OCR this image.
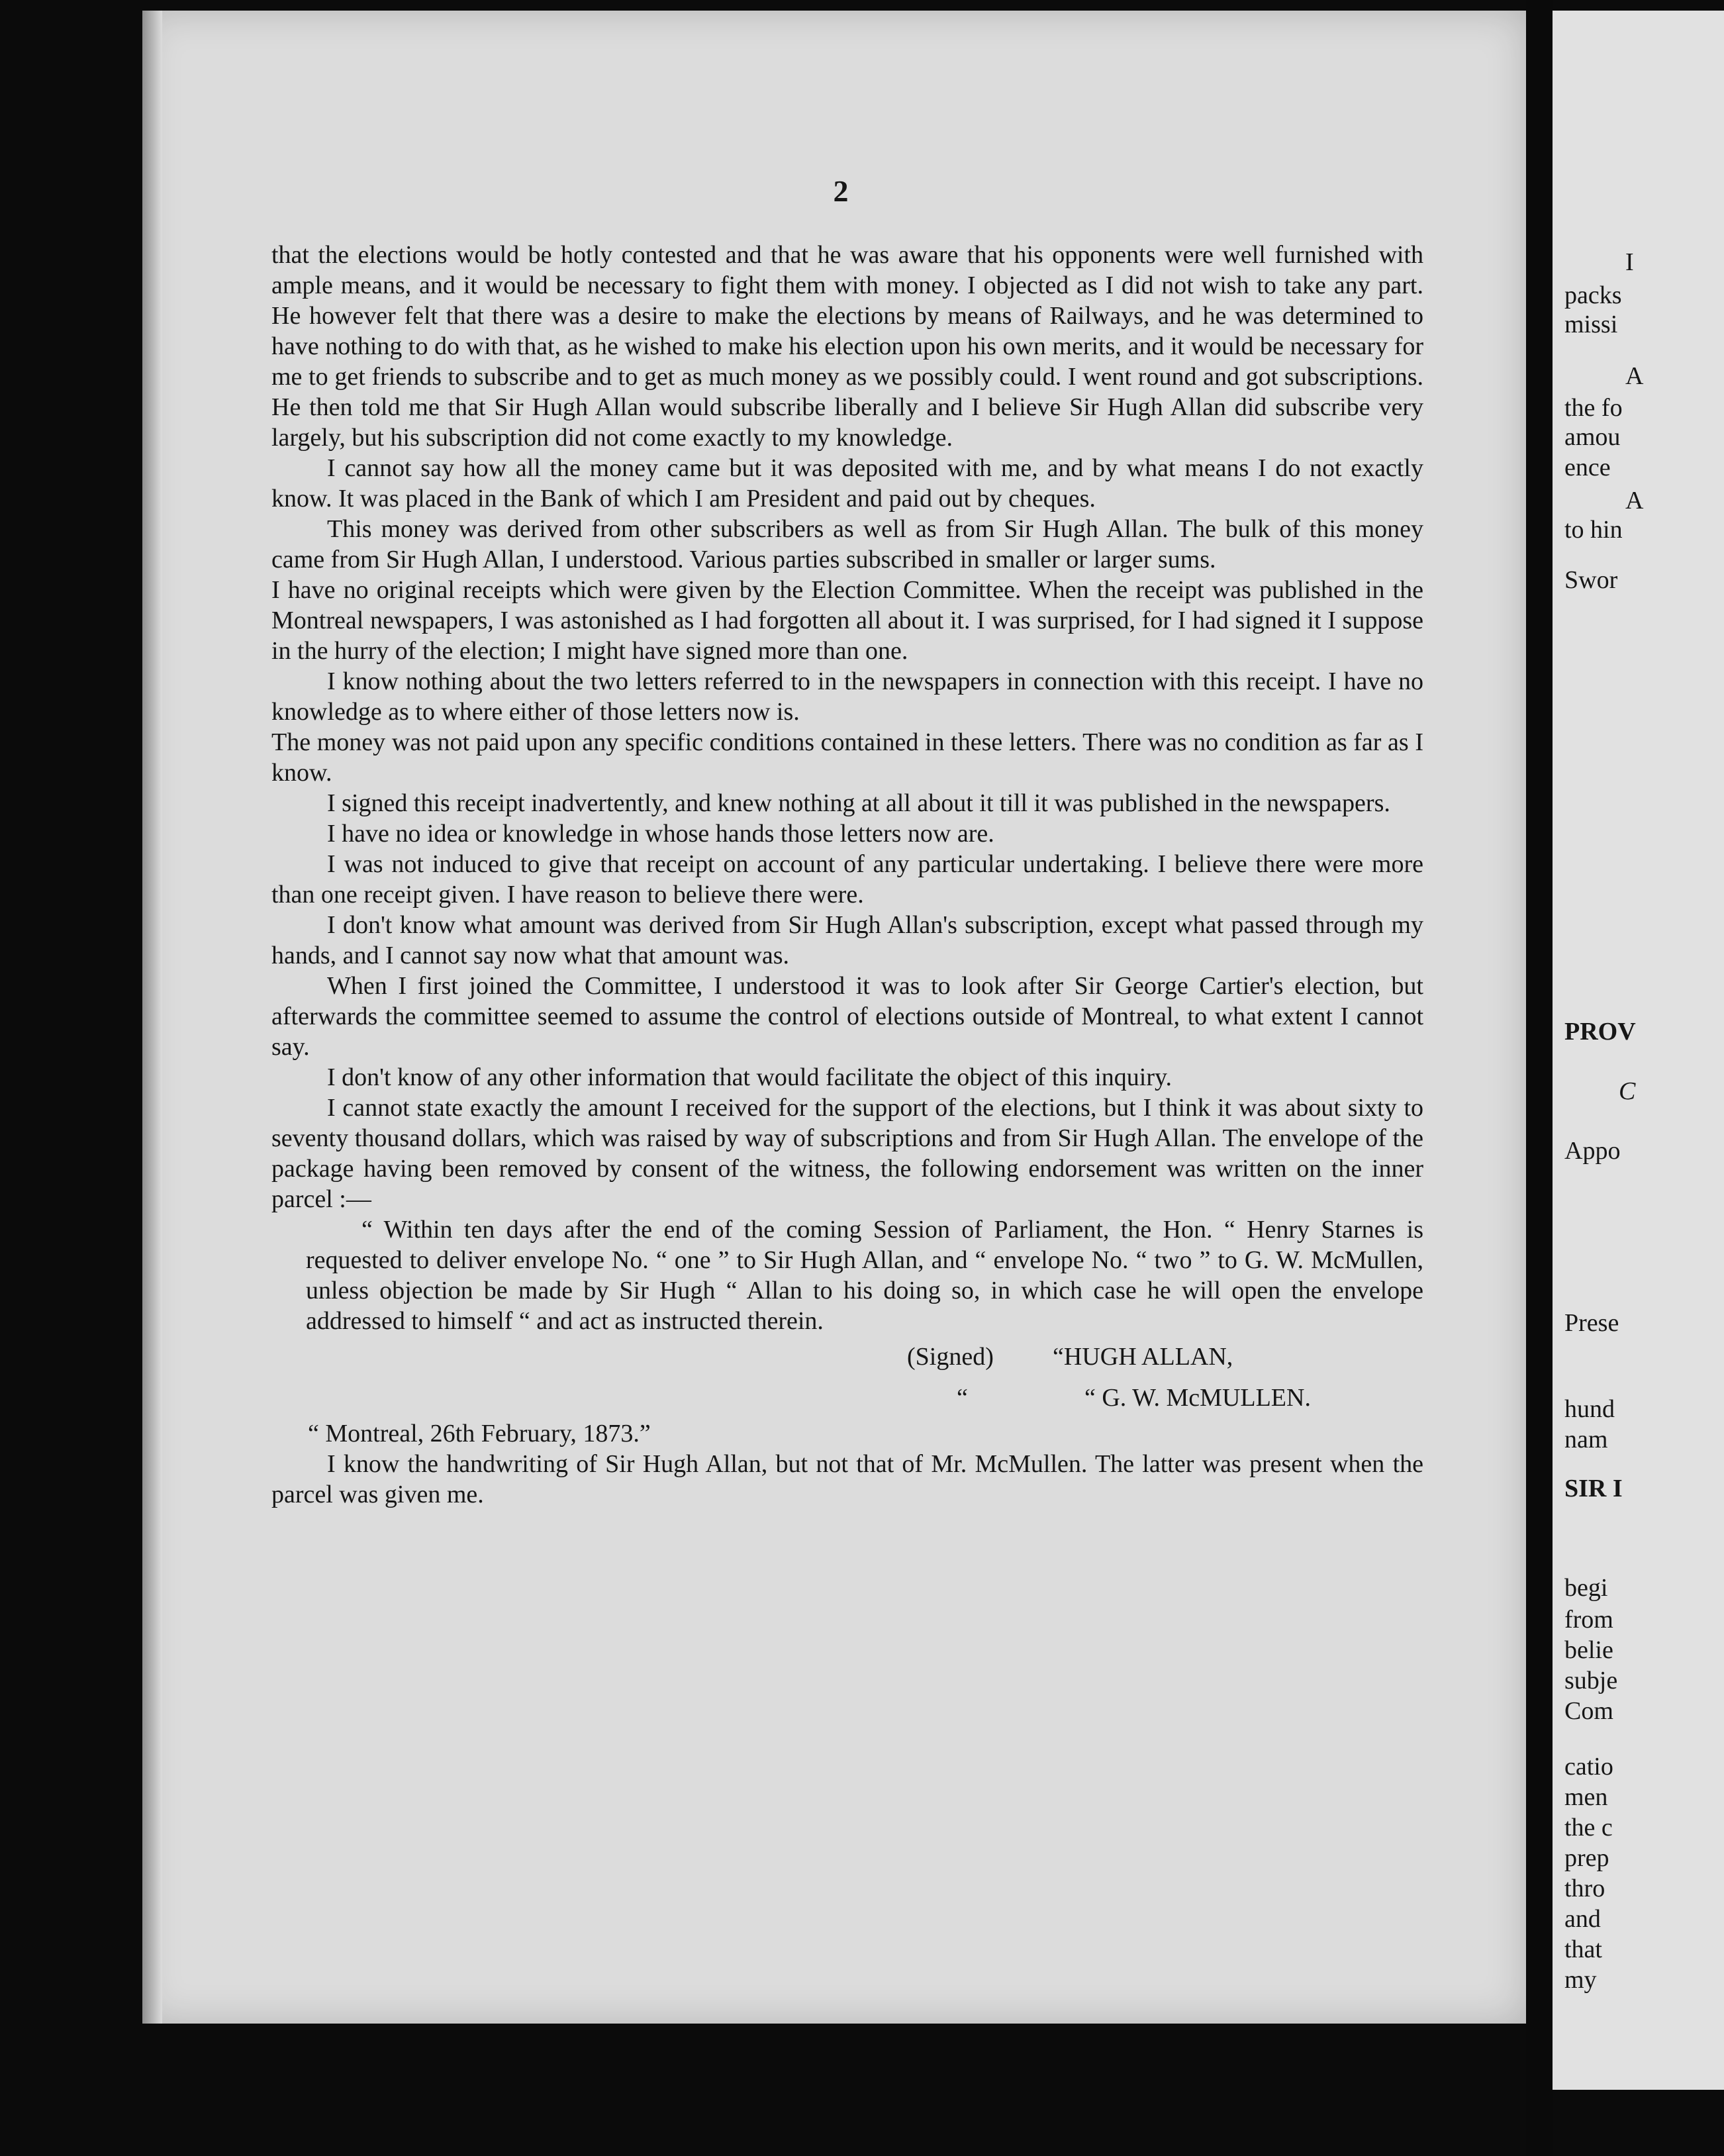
2

that the elections would be hotly contested and that he was aware that his opponents were well furnished with ample means, and it would be necessary to fight them with money. I objected as I did not wish to take any part. He however felt that there was a desire to make the elections by means of Railways, and he was determined to have nothing to do with that, as he wished to make his election upon his own merits, and it would be necessary for me to get friends to subscribe and to get as much money as we possibly could. I went round and got subscriptions. He then told me that Sir Hugh Allan would subscribe liberally and I believe Sir Hugh Allan did subscribe very largely, but his subscription did not come exactly to my knowledge.

I cannot say how all the money came but it was deposited with me, and by what means I do not exactly know. It was placed in the Bank of which I am President and paid out by cheques.

This money was derived from other subscribers as well as from Sir Hugh Allan. The bulk of this money came from Sir Hugh Allan, I understood. Various parties subscribed in smaller or larger sums.

I have no original receipts which were given by the Election Committee. When the receipt was published in the Montreal newspapers, I was astonished as I had forgotten all about it. I was surprised, for I had signed it I suppose in the hurry of the election; I might have signed more than one.

I know nothing about the two letters referred to in the newspapers in connection with this receipt. I have no knowledge as to where either of those letters now is.

The money was not paid upon any specific conditions contained in these letters. There was no condition as far as I know.

I signed this receipt inadvertently, and knew nothing at all about it till it was published in the newspapers.

I have no idea or knowledge in whose hands those letters now are.

I was not induced to give that receipt on account of any particular undertaking. I believe there were more than one receipt given. I have reason to believe there were.

I don't know what amount was derived from Sir Hugh Allan's subscription, except what passed through my hands, and I cannot say now what that amount was.

When I first joined the Committee, I understood it was to look after Sir George Cartier's election, but afterwards the committee seemed to assume the control of elections outside of Montreal, to what extent I cannot say.

I don't know of any other information that would facilitate the object of this inquiry.

I cannot state exactly the amount I received for the support of the elections, but I think it was about sixty to seventy thousand dollars, which was raised by way of subscriptions and from Sir Hugh Allan. The envelope of the package having been removed by consent of the witness, the following endorsement was written on the inner parcel :—

“ Within ten days after the end of the coming Session of Parliament, the Hon. “ Henry Starnes is requested to deliver envelope No. “ one ” to Sir Hugh Allan, and “ envelope No. “ two ” to G. W. McMullen, unless objection be made by Sir Hugh “ Allan to his doing so, in which case he will open the envelope addressed to himself “ and act as instructed therein.

(Signed) “HUGH ALLAN,
“	“ G. W. McMULLEN.

“ Montreal, 26th February, 1873.”

I know the handwriting of Sir Hugh Allan, but not that of Mr. McMullen. The latter was present when the parcel was given me.

I
packs
missi
A
the fo
amou
ence
A
to hin
Swor
PROV
C
Appo
Prese
hund
nam
SIR I
begi
from
belie
subje
Com
catio
men
the c
prep
thro
and
that
my
